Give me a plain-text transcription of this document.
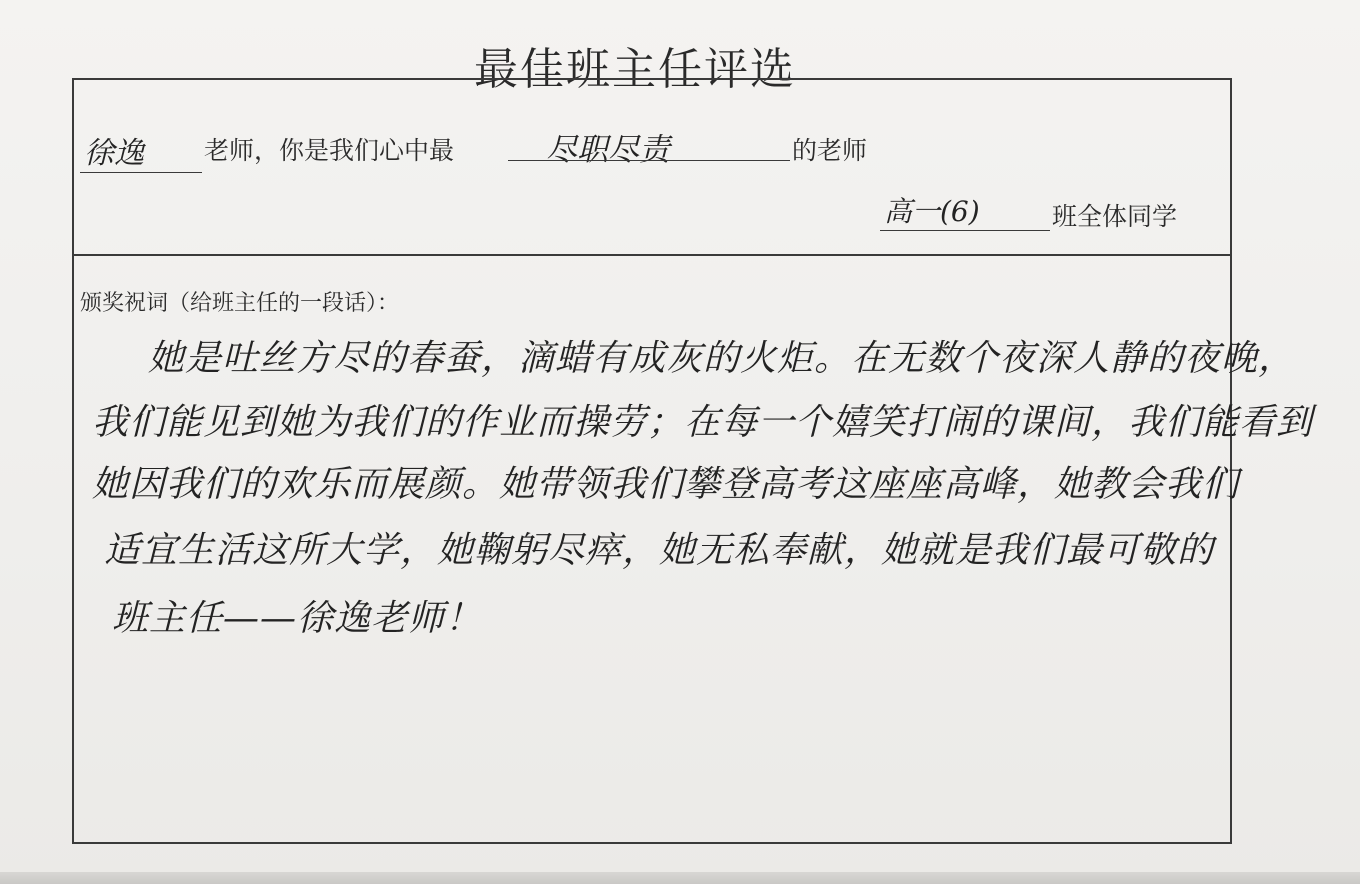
最佳班主任评选
徐逸 老师，你是我们心中最	尽职尽责	的老师
高一(6)	班全体同学
颁奖祝词（给班主任的一段话）：
她是吐丝方尽的春蚕，滴蜡有成灰的火炬。在无数个夜深人静的夜晚，
我们能见到她为我们的作业而操劳；在每一个嬉笑打闹的课间，我们能看到
她因我们的欢乐而展颜。她带领我们攀登高考这座座高峰，她教会我们
适宜生活这所大学，她鞠躬尽瘁，她无私奉献，她就是我们最可敬的
班主任——徐逸老师！
